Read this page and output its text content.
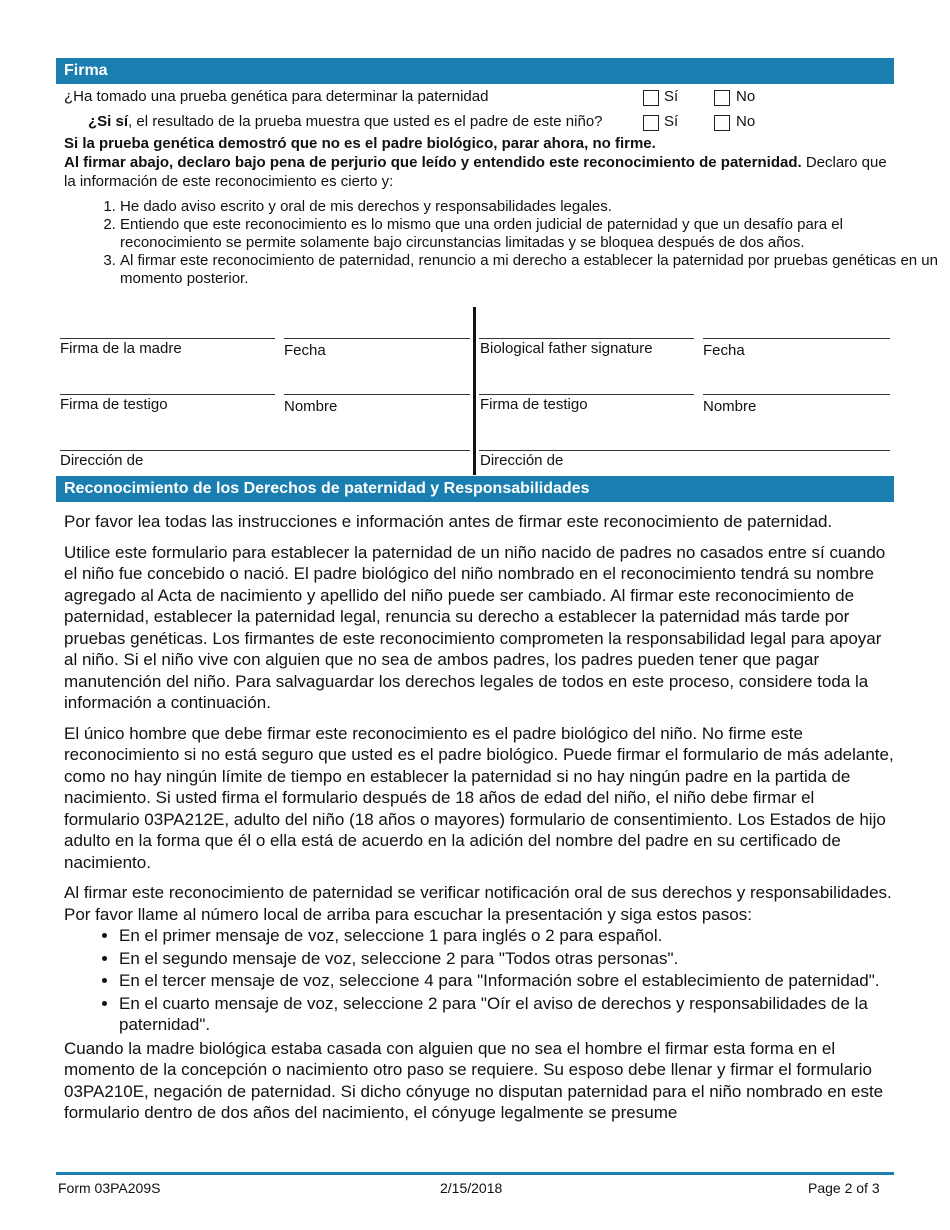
Firma
¿Ha tomado una prueba genética para determinar la paternidad	Sí	No
¿Si sí, el resultado de la prueba muestra que usted es el padre de este niño?	Sí	No
Si la prueba genética demostró que no es el padre biológico, parar ahora, no firme.
Al firmar abajo, declaro bajo pena de perjurio que leído y entendido este reconocimiento de paternidad. Declaro que la información de este reconocimiento es cierto y:
1. He dado aviso escrito y oral de mis derechos y responsabilidades legales.
2. Entiendo que este reconocimiento es lo mismo que una orden judicial de paternidad y que un desafío para el reconocimiento se permite solamente bajo circunstancias limitadas y se bloquea después de dos años.
3. Al firmar este reconocimiento de paternidad, renuncio a mi derecho a establecer la paternidad por pruebas genéticas en un momento posterior.
Firma de la madre	Fecha	Biological father signature	Fecha
Firma de testigo	Nombre	Firma de testigo	Nombre
Dirección de	Dirección de
Reconocimiento de los Derechos de paternidad y Responsabilidades

Por favor lea todas las instrucciones e información antes de firmar este reconocimiento de paternidad.

Utilice este formulario para establecer la paternidad de un niño nacido de padres no casados entre sí cuando el niño fue concebido o nació. El padre biológico del niño nombrado en el reconocimiento tendrá su nombre agregado al Acta de nacimiento y apellido del niño puede ser cambiado. Al firmar este reconocimiento de paternidad, establecer la paternidad legal, renuncia su derecho a establecer la paternidad más tarde por pruebas genéticas. Los firmantes de este reconocimiento comprometen la responsabilidad legal para apoyar al niño. Si el niño vive con alguien que no sea de ambos padres, los padres pueden tener que pagar manutención del niño. Para salvaguardar los derechos legales de todos en este proceso, considere toda la información a continuación.

El único hombre que debe firmar este reconocimiento es el padre biológico del niño. No firme este reconocimiento si no está seguro que usted es el padre biológico. Puede firmar el formulario de más adelante, como no hay ningún límite de tiempo en establecer la paternidad si no hay ningún padre en la partida de nacimiento. Si usted firma el formulario después de 18 años de edad del niño, el niño debe firmar el formulario 03PA212E, adulto del niño (18 años o mayores) formulario de consentimiento. Los Estados de hijo adulto en la forma que él o ella está de acuerdo en la adición del nombre del padre en su certificado de nacimiento.

Al firmar este reconocimiento de paternidad se verificar notificación oral de sus derechos y responsabilidades. Por favor llame al número local de arriba para escuchar la presentación y siga estos pasos:

• En el primer mensaje de voz, seleccione 1 para inglés o 2 para español.
• En el segundo mensaje de voz, seleccione 2 para "Todos otras personas".
• En el tercer mensaje de voz, seleccione 4 para "Información sobre el establecimiento de paternidad".
• En el cuarto mensaje de voz, seleccione 2 para "Oír el aviso de derechos y responsabilidades de la paternidad".

Cuando la madre biológica estaba casada con alguien que no sea el hombre el firmar esta forma en el momento de la concepción o nacimiento otro paso se requiere. Su esposo debe llenar y firmar el formulario 03PA210E, negación de paternidad. Si dicho cónyuge no disputan paternidad para el niño nombrado en este formulario dentro de dos años del nacimiento, el cónyuge legalmente se presume

Form 03PA209S	2/15/2018	Page 2 of 3
